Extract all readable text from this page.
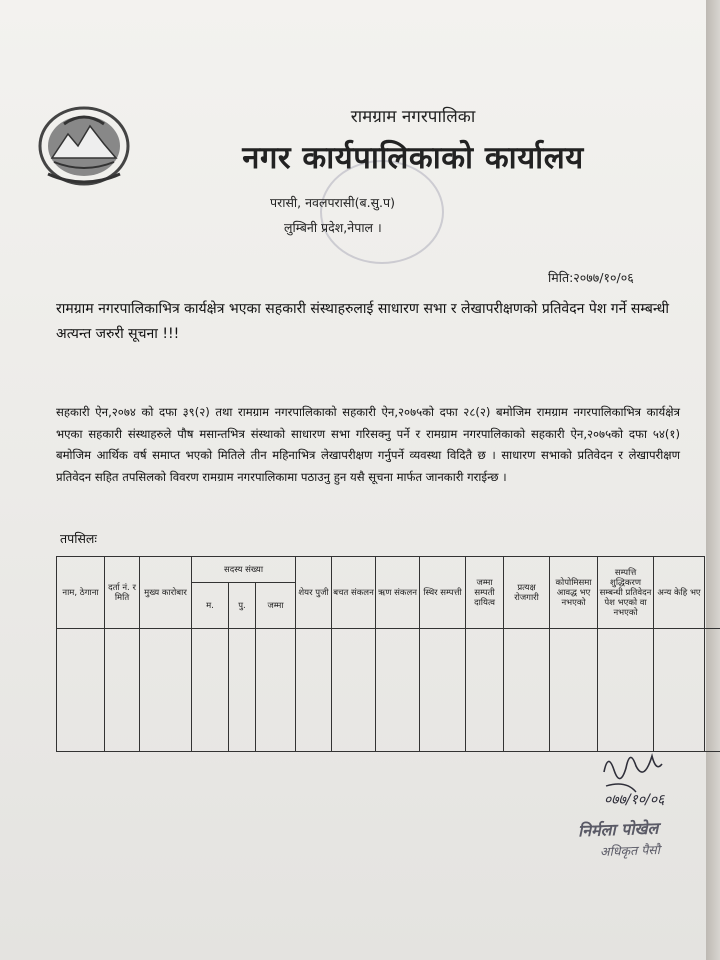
रामग्राम नगरपालिका
नगर कार्यपालिकाको कार्यालय
परासी, नवलपरासी(ब.सु.प)
लुम्बिनी प्रदेश,नेपाल ।
मिति:२०७७/१०/०६
रामग्राम नगरपालिकाभित्र कार्यक्षेत्र भएका सहकारी संस्थाहरुलाई साधारण सभा र लेखापरीक्षणको प्रतिवेदन पेश गर्ने सम्बन्धी अत्यन्त जरुरी सूचना !!!
सहकारी ऐन,२०७४ को दफा ३९(२) तथा रामग्राम नगरपालिकाको सहकारी ऐन,२०७५को दफा २८(२) बमोजिम रामग्राम नगरपालिकाभित्र कार्यक्षेत्र भएका सहकारी संस्थाहरुले पौष मसान्तभित्र संस्थाको साधारण सभा गरिसक्नु पर्ने र रामग्राम नगरपालिकाको सहकारी ऐन,२०७५को दफा ५४(१) बमोजिम आर्थिक वर्ष समाप्त भएको मितिले तीन महिनाभित्र लेखापरीक्षण गर्नुपर्ने व्यवस्था विदितै छ । साधारण सभाको प्रतिवेदन र लेखापरीक्षण प्रतिवेदन सहित तपसिलको विवरण रामग्राम नगरपालिकामा पठाउनु हुन यसै सूचना मार्फत जानकारी गराईन्छ ।
तपसिलः
नाम, ठेगाना	दर्ता नं. र मिति	मुख्य कारोबार	सदस्य संख्या			शेयर पुजी	बचत संकलन	ऋण संकलन	स्थिर सम्पत्ती	जम्मा सम्पती दायित्व	प्रत्यक्ष रोजगारी	कोपोमिसमा आवद्ध भए नभएको	सम्पत्ति शुद्धिकरण सम्बन्धी प्रतिवेदन पेश भएको वा नभएको	अन्य केहि भए	
			म.	पु.	जम्मा										

०७७/१०/०६
निर्मला पोखेल
अधिकृत पैसौ
